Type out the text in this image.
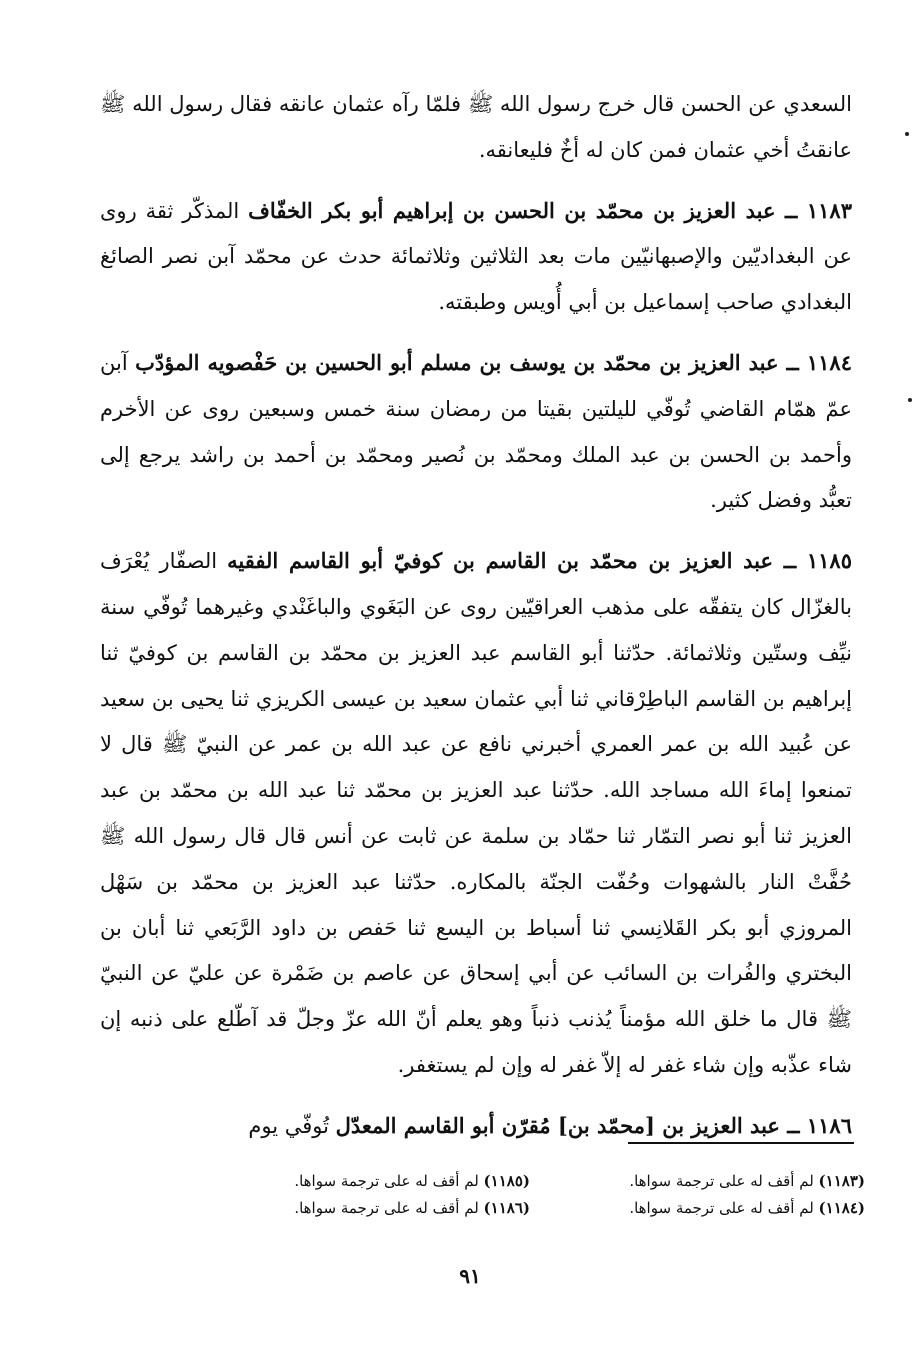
السعدي عن الحسن قال خرج رسول الله ﷺ فلمّا رآه عثمان عانقه فقال رسول الله ﷺ عانقتُ أخي عثمان فمن كان له أخٌ فليعانقه.

١١٨٣ ــ عبد العزيز بن محمّد بن الحسن بن إبراهيم أبو بكر الخفّاف المذكّر ثقة روى عن البغداديّين والإصبهانيّين مات بعد الثلاثين وثلاثمائة حدث عن محمّد آبن نصر الصائغ البغدادي صاحب إسماعيل بن أبي أُويس وطبقته.

١١٨٤ ــ عبد العزيز بن محمّد بن يوسف بن مسلم أبو الحسين بن حَفْصويه المؤدّب آبن عمّ همّام القاضي تُوفّي لليلتين بقيتا من رمضان سنة خمس وسبعين روى عن الأخرم وأحمد بن الحسن بن عبد الملك ومحمّد بن نُصير ومحمّد بن أحمد بن راشد يرجع إلى تعبُّد وفضل كثير.

١١٨٥ ــ عبد العزيز بن محمّد بن القاسم بن كوفيّ أبو القاسم الفقيه الصفّار يُعْرَف بالغزّال كان يتفقّه على مذهب العراقيّين روى عن البَغَوي والباغَنْدي وغيرهما تُوفّي سنة نيِّف وستّين وثلاثمائة. حدّثنا أبو القاسم عبد العزيز بن محمّد بن القاسم بن كوفيّ ثنا إبراهيم بن القاسم الباطِرْقاني ثنا أبي عثمان سعيد بن عيسى الكريزي ثنا يحيى بن سعيد عن عُبيد الله بن عمر العمري أخبرني نافع عن عبد الله بن عمر عن النبيّ ﷺ قال لا تمنعوا إماءَ الله مساجد الله. حدّثنا عبد العزيز بن محمّد ثنا عبد الله بن محمّد بن عبد العزيز ثنا أبو نصر التمّار ثنا حمّاد بن سلمة عن ثابت عن أنس قال قال رسول الله ﷺ حُفَّتْ النار بالشهوات وحُفّت الجنّة بالمكاره. حدّثنا عبد العزيز بن محمّد بن سَهْل المروزي أبو بكر القَلانِسي ثنا أسباط بن اليسع ثنا حَفص بن داود الرَّبَعي ثنا أبان بن البختري والفُرات بن السائب عن أبي إسحاق عن عاصم بن ضَمْرة عن عليّ عن النبيّ ﷺ قال ما خلق الله مؤمناً يُذنب ذنباً وهو يعلم أنّ الله عزّ وجلّ قد آطّلع على ذنبه إن شاء عذّبه وإن شاء غفر له إلاّ غفر له وإن لم يستغفر.

١١٨٦ ــ عبد العزيز بن [محمّد بن] مُقرّن أبو القاسم المعدّل تُوفّي يوم

(١١٨٣) لم أقف له على ترجمة سواها.
(١١٨٤) لم أقف له على ترجمة سواها.
(١١٨٥) لم أقف له على ترجمة سواها.
(١١٨٦) لم أقف له على ترجمة سواها.
٩١
